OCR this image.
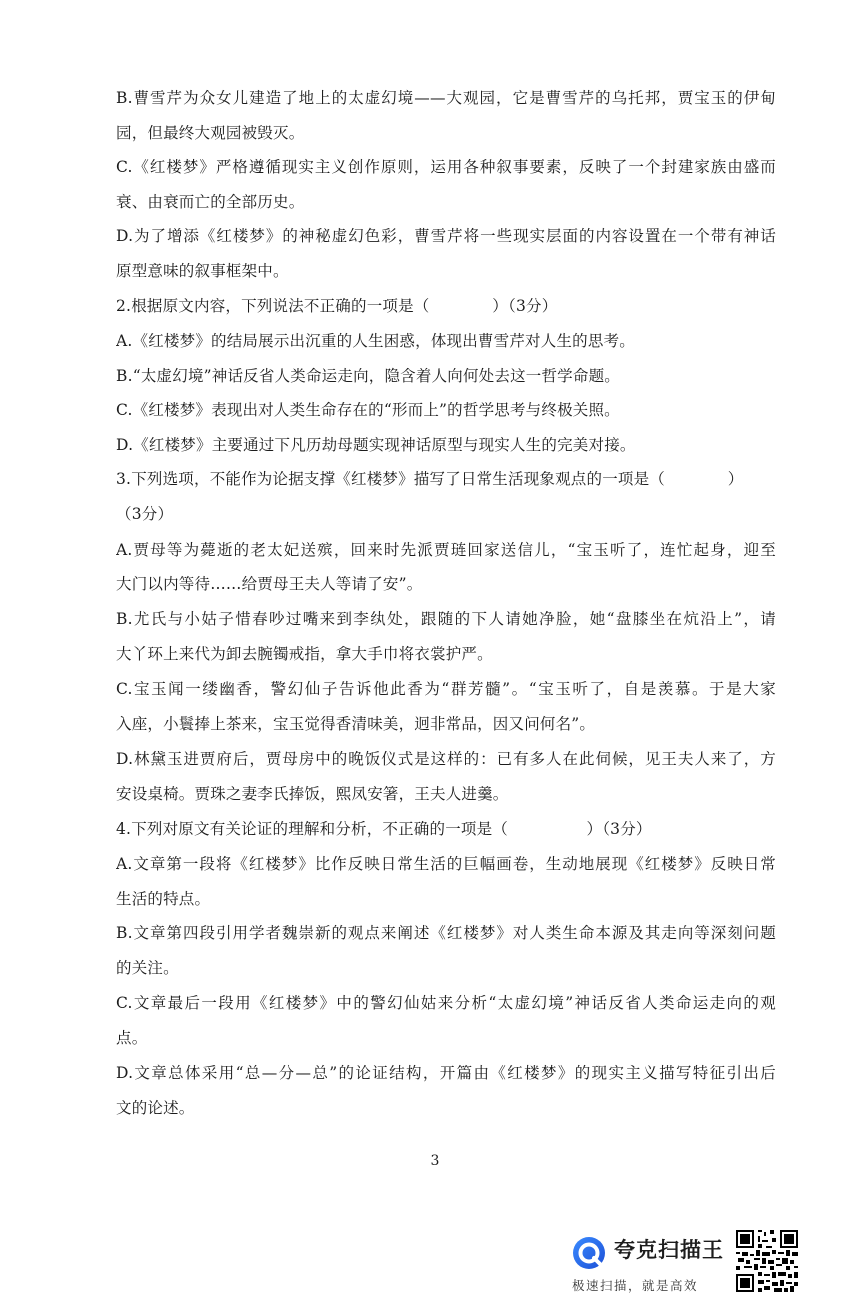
B.曹雪芹为众女儿建造了地上的太虚幻境——大观园，它是曹雪芹的乌托邦，贾宝玉的伊甸
园，但最终大观园被毁灭。
C.《红楼梦》严格遵循现实主义创作原则，运用各种叙事要素，反映了一个封建家族由盛而
衰、由衰而亡的全部历史。
D.为了增添《红楼梦》的神秘虚幻色彩，曹雪芹将一些现实层面的内容设置在一个带有神话
原型意味的叙事框架中。
2.根据原文内容，下列说法不正确的一项是（　　　　）（3分）
A.《红楼梦》的结局展示出沉重的人生困惑，体现出曹雪芹对人生的思考。
B.“太虚幻境”神话反省人类命运走向，隐含着人向何处去这一哲学命题。
C.《红楼梦》表现出对人类生命存在的“形而上”的哲学思考与终极关照。
D.《红楼梦》主要通过下凡历劫母题实现神话原型与现实人生的完美对接。
3.下列选项，不能作为论据支撑《红楼梦》描写了日常生活现象观点的一项是（　　　　）
（3分）
A.贾母等为薨逝的老太妃送殡，回来时先派贾琏回家送信儿，“宝玉听了，连忙起身，迎至
大门以内等待……给贾母王夫人等请了安”。
B.尤氏与小姑子惜春吵过嘴来到李纨处，跟随的下人请她净脸，她“盘膝坐在炕沿上”，请
大丫环上来代为卸去腕镯戒指，拿大手巾将衣裳护严。
C.宝玉闻一缕幽香，警幻仙子告诉他此香为“群芳髓”。“宝玉听了，自是羡慕。于是大家
入座，小鬟捧上茶来，宝玉觉得香清味美，迥非常品，因又问何名”。
D.林黛玉进贾府后，贾母房中的晚饭仪式是这样的：已有多人在此伺候，见王夫人来了，方
安设桌椅。贾珠之妻李氏捧饭，熙凤安箸，王夫人进羹。
4.下列对原文有关论证的理解和分析，不正确的一项是（　　　　　）（3分）
A.文章第一段将《红楼梦》比作反映日常生活的巨幅画卷，生动地展现《红楼梦》反映日常
生活的特点。
B.文章第四段引用学者魏崇新的观点来阐述《红楼梦》对人类生命本源及其走向等深刻问题
的关注。
C.文章最后一段用《红楼梦》中的警幻仙姑来分析“太虚幻境”神话反省人类命运走向的观
点。
D.文章总体采用“总—分—总”的论证结构，开篇由《红楼梦》的现实主义描写特征引出后
文的论述。
3
夸克扫描王
极速扫描，就是高效
